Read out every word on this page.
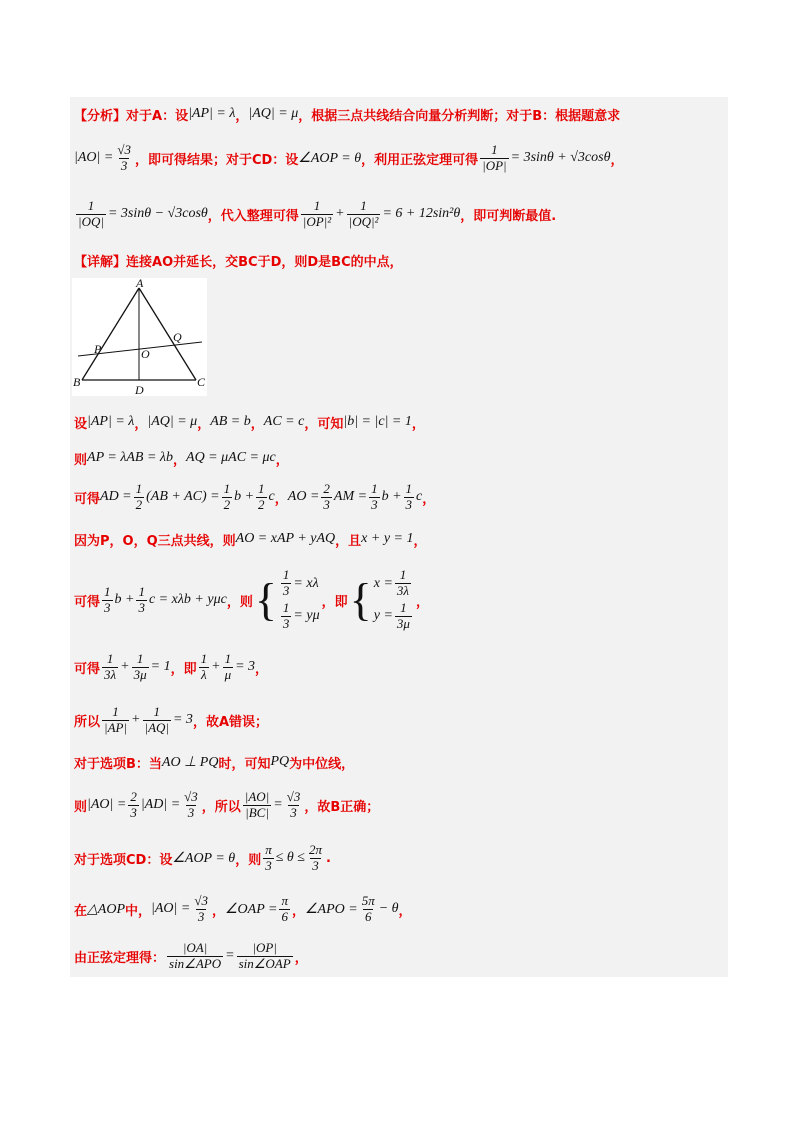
【分析】 对于A：设 |AP| = λ ， |AQ| = μ ，根据三点共线结合向量分析判断；对于B：根据题意求
$|AO| = \frac{√3}{3}$ ，即可得结果；对于CD：设 ∠AOP = θ ，利用正弦定理可得 $\frac{1}{|OP|} = 3\sin\theta + √3\cos\theta$ ，
$\frac{1}{|OQ|} = 3\sin\theta - √3\cos\theta$ ，代入整理可得 $\frac{1}{\text{|OP|²}} + \frac{1}{\text{|OQ|²}} = 6 + 12\sin^2\theta$ ，即可判断最值.
【详解】 连接AO并延长，交BC于D，则D是BC的中点，
A
B	C
D
O
P
Q
设 |AP| = λ ， |AQ| = μ ， AB = b ， AC = c ，可知 |b| = |c| = 1 ，
则 AP = λAB = λb ， AQ = μAC = μc ，
可得 AD = $\frac{1}{2} (AB + AC) = \frac{1}{2}$ $b + \frac{1}{2}$ c ， AO = $\frac{2}{3}$ AM = $\frac{1}{3}$ $b + \frac{1}{3}$ c ，
因为P，O，Q三点共线，则 AO = xAP + yAQ ，且 x + y = 1 ，
可得 $\frac{1}{3}$ $b + \frac{1}{3}$ c = xλb + yμc ，则 { $\frac{1}{3} = x\lambda$
$\frac{1}{3} = y\mu$
，即 { $x = \frac{1}{3\lambda}$
$y = \frac{1}{3\mu}$ ，
可得 $\frac{1}{3\lambda} + \frac{1}{3\mu} = 1$ ，即 $\frac{1}{\lambda} + \frac{1}{\mu} = 3$ ，
所以 $\frac{1}{|AP|} + \frac{1}{|AQ|} = 3$ ，故A错误；
对于选项B：当 AO ⊥ PQ 时，可知 PQ 为中位线，
则 $|AO| = \frac{2}{3} |AD| = \frac{√3}{3}$ ，所以 $\frac{|AO|}{|BC|} = \frac{√3}{3}$ ，故B正确；
对于选项CD：设 ∠AOP = θ ，则 $\frac{\pi}{3} \le \theta \le \frac{2\pi}{3}$ .
在 △AOP 中， $|AO| = \frac{√3}{3}$ ， ∠OAP = $\frac{\pi}{6}$ ， ∠APO = $\frac{5\pi}{6} - \theta$ ，
由正弦定理得： $\frac{|OA|}{\text{sin∠APO}} = \frac{|OP|}{\text{sin∠OAP}}$ ，
